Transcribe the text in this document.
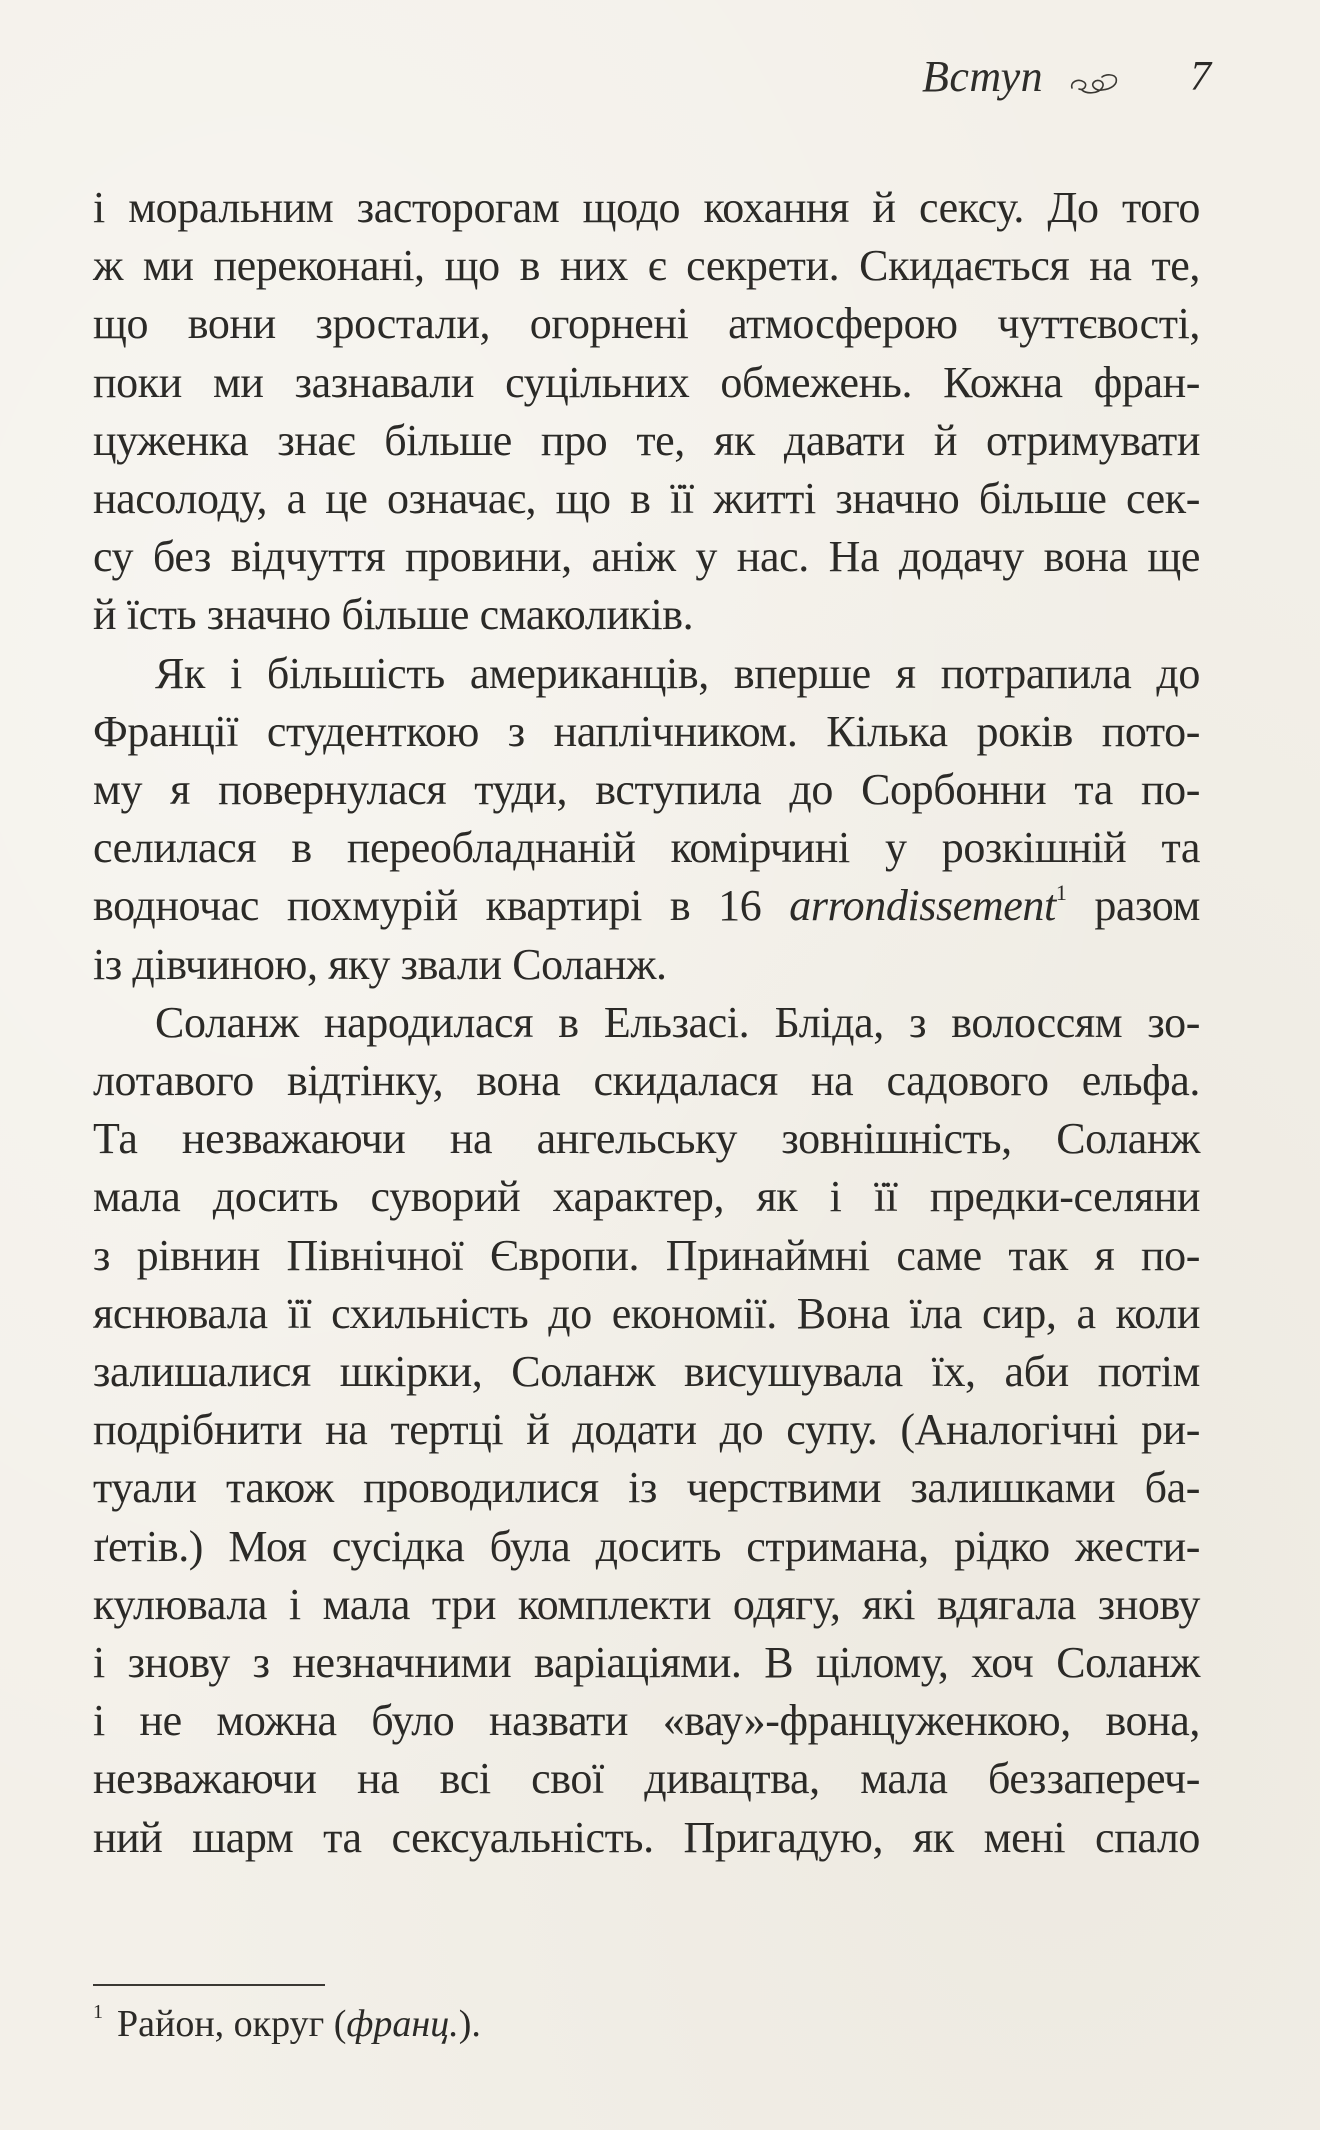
Вступ	7
і моральним засторогам щодо кохання й сексу. До того
ж ми переконані, що в них є секрети. Скидається на те,
що вони зростали, огорнені атмосферою чуттєвості,
поки ми зазнавали суцільних обмежень. Кожна фран-
цуженка знає більше про те, як давати й отримувати
насолоду, а це означає, що в її житті значно більше сек-
су без відчуття провини, аніж у нас. На додачу вона ще
й їсть значно більше смаколиків.
Як і більшість американців, вперше я потрапила до
Франції студенткою з наплічником. Кілька років пото-
му я повернулася туди, вступила до Сорбонни та по-
селилася в переобладнаній комірчині у розкішній та
водночас похмурій квартирі в 16 arrondissement$^1$ разом
із дівчиною, яку звали Соланж.
Соланж народилася в Ельзасі. Бліда, з волоссям зо-
лотавого відтінку, вона скидалася на садового ельфа.
Та незважаючи на ангельську зовнішність, Соланж
мала досить суворий характер, як і її предки-селяни
з рівнин Північної Європи. Принаймні саме так я по-
яснювала її схильність до економії. Вона їла сир, а коли
залишалися шкірки, Соланж висушувала їх, аби потім
подрібнити на тертці й додати до супу. (Аналогічні ри-
туали також проводилися із черствими залишками ба-
ґетів.) Моя сусідка була досить стримана, рідко жести-
кулювала і мала три комплекти одягу, які вдягала знову
і знову з незначними варіаціями. В цілому, хоч Соланж
і не можна було назвати «вау»-француженкою, вона,
незважаючи на всі свої дивацтва, мала беззапереч-
ний шарм та сексуальність. Пригадую, як мені спало
$^1$ Район, округ (франц.).
